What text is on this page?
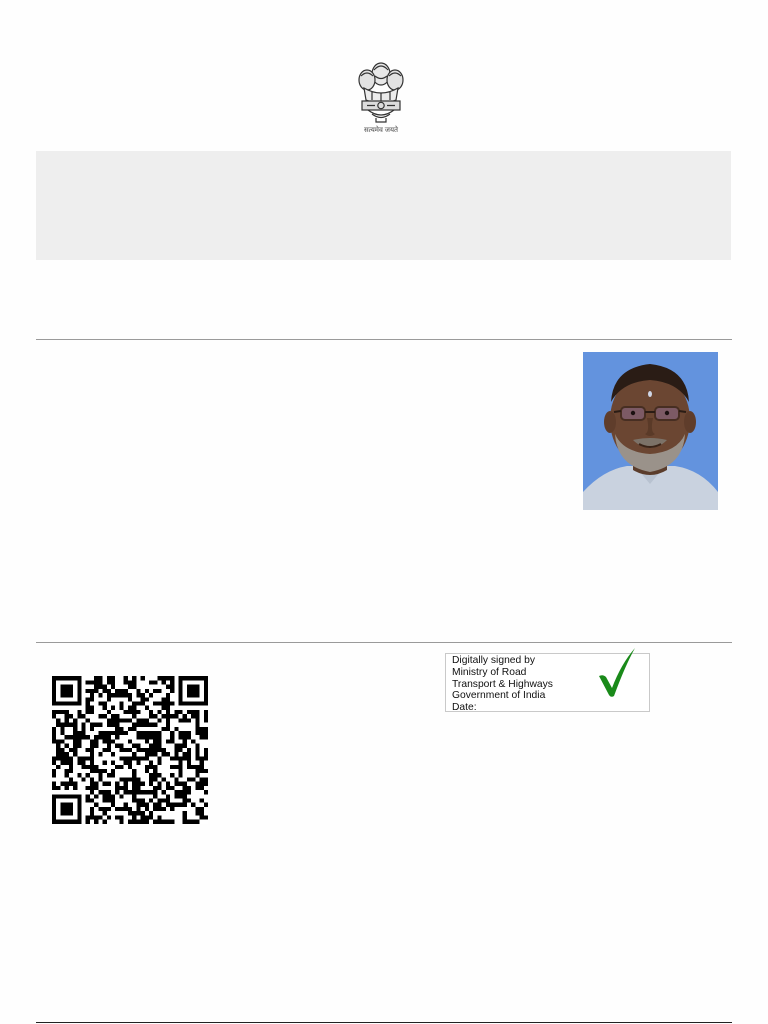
सत्यमेव जयते
Digitally signed by
Ministry of Road
Transport & Highways
Government of India
Date:
